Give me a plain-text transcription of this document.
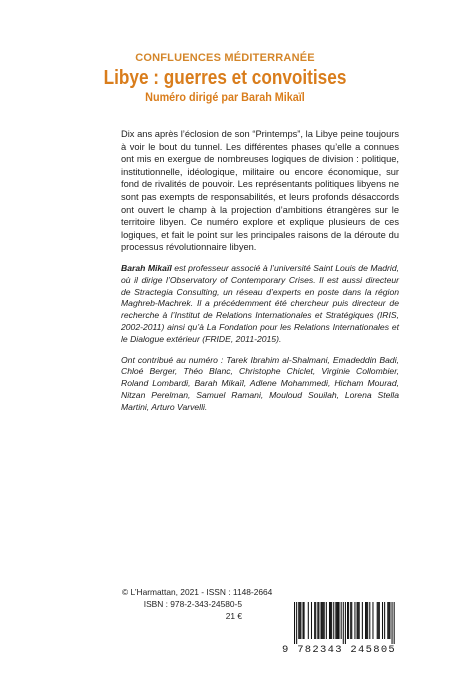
CONFLUENCES MÉDITERRANÉE
Libye : guerres et convoitises
Numéro dirigé par Barah Mikaïl

Dix ans après l’éclosion de son “Printemps”, la Libye peine toujours à voir le bout du tunnel. Les différentes phases qu’elle a connues ont mis en exergue de nombreuses logiques de division : politique, institutionnelle, idéologique, militaire ou encore économique, sur fond de rivalités de pouvoir. Les représentants politiques libyens ne sont pas exempts de responsabilités, et leurs profonds désaccords ont ouvert le champ à la projection d’ambitions étrangères sur le territoire libyen. Ce numéro explore et explique plusieurs de ces logiques, et fait le point sur les principales raisons de la déroute du processus révolutionnaire libyen.

Barah Mikaïl est professeur associé à l’université Saint Louis de Madrid, où il dirige l’Observatory of Contemporary Crises. Il est aussi directeur de Stractegia Consulting, un réseau d’experts en poste dans la région Maghreb-Machrek. Il a précédemment été chercheur puis directeur de recherche à l’Institut de Relations Internationales et Stratégiques (IRIS, 2002-2011) ainsi qu’à La Fondation pour les Relations Internationales et le Dialogue extérieur (FRIDE, 2011-2015).

Ont contribué au numéro : Tarek Ibrahim al-Shalmani, Emadeddin Badi, Chloé Berger, Théo Blanc, Christophe Chiclet, Virginie Collombier, Roland Lombardi, Barah Mikaïl, Adlene Mohammedi, Hicham Mourad, Nitzan Perelman, Samuel Ramani, Mouloud Souilah, Lorena Stella Martini, Arturo Varvelli.

© L’Harmattan, 2021 - ISSN : 1148-2664
ISBN : 978-2-343-24580-5
21 €
9 782343 245805
